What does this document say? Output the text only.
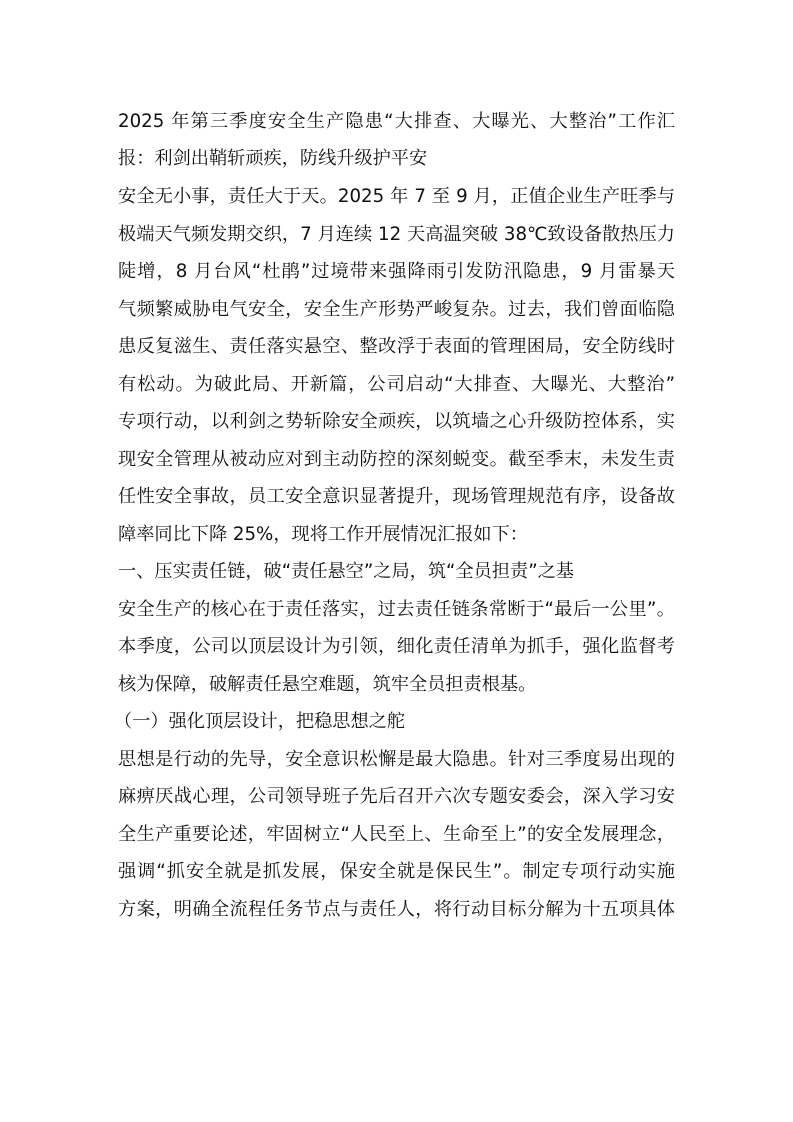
2025 年第三季度安全生产隐患“大排查、大曝光、大整治”工作汇
报：利剑出鞘斩顽疾，防线升级护平安
安全无小事，责任大于天。2025 年 7 至 9 月，正值企业生产旺季与
极端天气频发期交织，7 月连续 12 天高温突破 38℃致设备散热压力
陡增，8 月台风“杜鹃”过境带来强降雨引发防汛隐患，9 月雷暴天
气频繁威胁电气安全，安全生产形势严峻复杂。过去，我们曾面临隐
患反复滋生、责任落实悬空、整改浮于表面的管理困局，安全防线时
有松动。为破此局、开新篇，公司启动“大排查、大曝光、大整治”
专项行动，以利剑之势斩除安全顽疾，以筑墙之心升级防控体系，实
现安全管理从被动应对到主动防控的深刻蜕变。截至季末，未发生责
任性安全事故，员工安全意识显著提升，现场管理规范有序，设备故
障率同比下降 25%，现将工作开展情况汇报如下：
一、压实责任链，破“责任悬空”之局，筑“全员担责”之基
安全生产的核心在于责任落实，过去责任链条常断于“最后一公里”。
本季度，公司以顶层设计为引领，细化责任清单为抓手，强化监督考
核为保障，破解责任悬空难题，筑牢全员担责根基。
（一）强化顶层设计，把稳思想之舵
思想是行动的先导，安全意识松懈是最大隐患。针对三季度易出现的
麻痹厌战心理，公司领导班子先后召开六次专题安委会，深入学习安
全生产重要论述，牢固树立“人民至上、生命至上”的安全发展理念，
强调“抓安全就是抓发展，保安全就是保民生”。制定专项行动实施
方案，明确全流程任务节点与责任人，将行动目标分解为十五项具体
